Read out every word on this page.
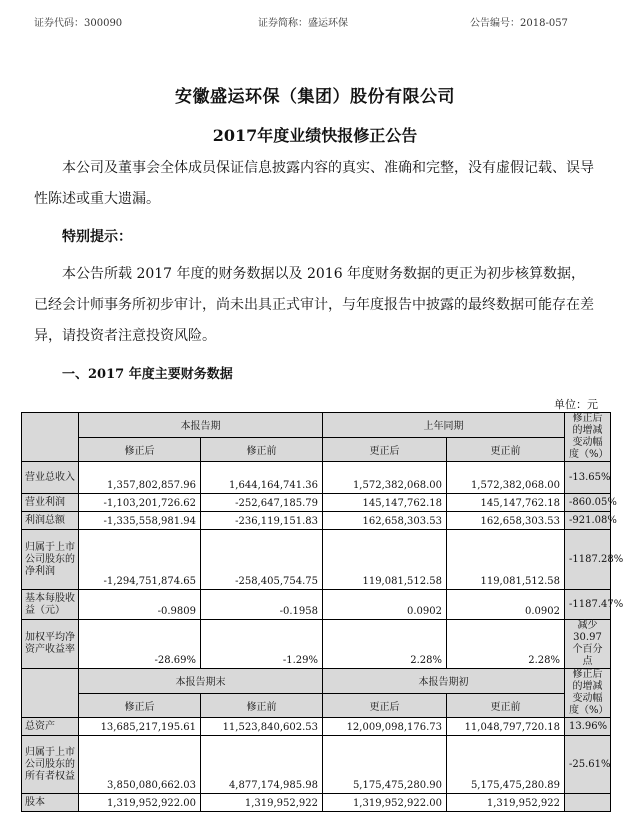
证券代码：300090	证券简称：盛运环保	公告编号：2018-057
安徽盛运环保（集团）股份有限公司
2017年度业绩快报修正公告
本公司及董事会全体成员保证信息披露内容的真实、准确和完整，没有虚假记载、误导性陈述或重大遗漏。
特别提示：
本公告所载 2017 年度的财务数据以及 2016 年度财务数据的更正为初步核算数据，已经会计师事务所初步审计，尚未出具正式审计，与年度报告中披露的最终数据可能存在差异，请投资者注意投资风险。
一、2017 年度主要财务数据
单位：元
	本报告期		上年同期		修正后的增减变动幅度（%）
	修正后	修正前	更正后	更正前	
营业总收入	1,357,802,857.96	1,644,164,741.36	1,572,382,068.00	1,572,382,068.00	-13.65%
营业利润	-1,103,201,726.62	-252,647,185.79	145,147,762.18	145,147,762.18	-860.05%
利润总额	-1,335,558,981.94	-236,119,151.83	162,658,303.53	162,658,303.53	-921.08%
归属于上市公司股东的净利润	-1,294,751,874.65	-258,405,754.75	119,081,512.58	119,081,512.58	-1187.28%
基本每股收益（元）	-0.9809	-0.1958	0.0902	0.0902	-1187.47%
加权平均净资产收益率	-28.69%	-1.29%	2.28%	2.28%	减少30.97个百分点
	本报告期末		本报告期初		修正后的增减变动幅度（%）
	修正后	修正前	更正后	更正前	
总资产	13,685,217,195.61	11,523,840,602.53	12,009,098,176.73	11,048,797,720.18	13.96%
归属于上市公司股东的所有者权益	3,850,080,662.03	4,877,174,985.98	5,175,475,280.90	5,175,475,280.89	-25.61%
股本	1,319,952,922.00	1,319,952,922	1,319,952,922.00	1,319,952,922	
